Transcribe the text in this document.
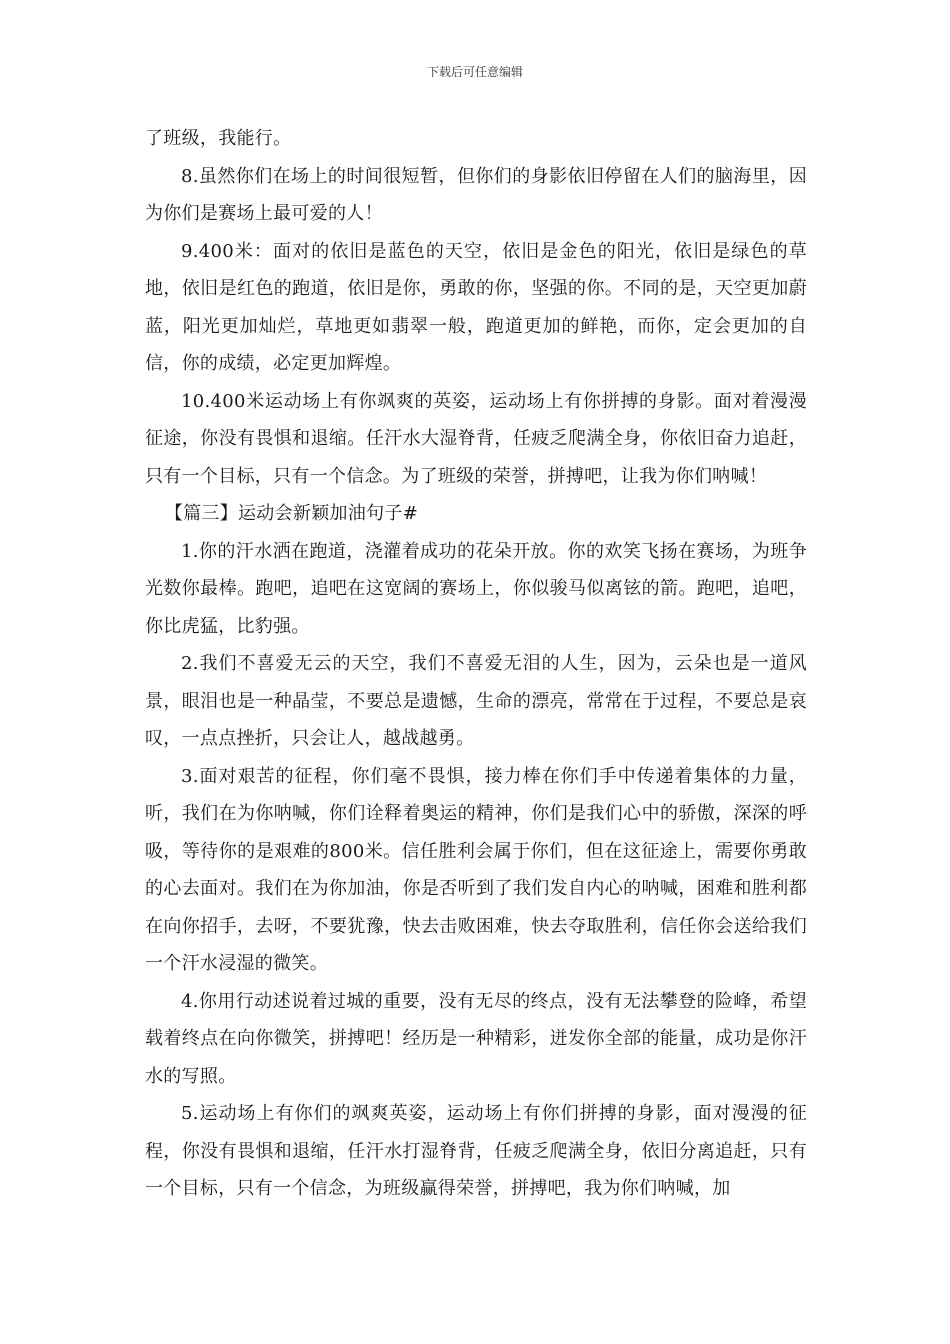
下载后可任意编辑

了班级，我能行。

8.虽然你们在场上的时间很短暂，但你们的身影依旧停留在人们的脑海里，因为你们是赛场上最可爱的人！

9.400米：面对的依旧是蓝色的天空，依旧是金色的阳光，依旧是绿色的草地，依旧是红色的跑道，依旧是你，勇敢的你，坚强的你。不同的是，天空更加蔚蓝，阳光更加灿烂，草地更如翡翠一般，跑道更加的鲜艳，而你，定会更加的自信，你的成绩，必定更加辉煌。

10.400米运动场上有你飒爽的英姿，运动场上有你拼搏的身影。面对着漫漫征途，你没有畏惧和退缩。任汗水大湿脊背，任疲乏爬满全身，你依旧奋力追赶，只有一个目标，只有一个信念。为了班级的荣誉，拼搏吧，让我为你们呐喊！

【篇三】运动会新颖加油句子#

1.你的汗水洒在跑道，浇灌着成功的花朵开放。你的欢笑飞扬在赛场，为班争光数你最棒。跑吧，追吧在这宽阔的赛场上，你似骏马似离铉的箭。跑吧，追吧，你比虎猛，比豹强。

2.我们不喜爱无云的天空，我们不喜爱无泪的人生，因为，云朵也是一道风景，眼泪也是一种晶莹，不要总是遗憾，生命的漂亮，常常在于过程，不要总是哀叹，一点点挫折，只会让人，越战越勇。

3.面对艰苦的征程，你们毫不畏惧，接力棒在你们手中传递着集体的力量，听，我们在为你呐喊，你们诠释着奥运的精神，你们是我们心中的骄傲，深深的呼吸，等待你的是艰难的800米。信任胜利会属于你们，但在这征途上，需要你勇敢的心去面对。我们在为你加油，你是否听到了我们发自内心的呐喊，困难和胜利都在向你招手，去呀，不要犹豫，快去击败困难，快去夺取胜利，信任你会送给我们一个汗水浸湿的微笑。

4.你用行动述说着过城的重要，没有无尽的终点，没有无法攀登的险峰，希望载着终点在向你微笑，拼搏吧！经历是一种精彩，迸发你全部的能量，成功是你汗水的写照。

5.运动场上有你们的飒爽英姿，运动场上有你们拼搏的身影，面对漫漫的征程，你没有畏惧和退缩，任汗水打湿脊背，任疲乏爬满全身，依旧分离追赶，只有一个目标，只有一个信念，为班级赢得荣誉，拼搏吧，我为你们呐喊，加
